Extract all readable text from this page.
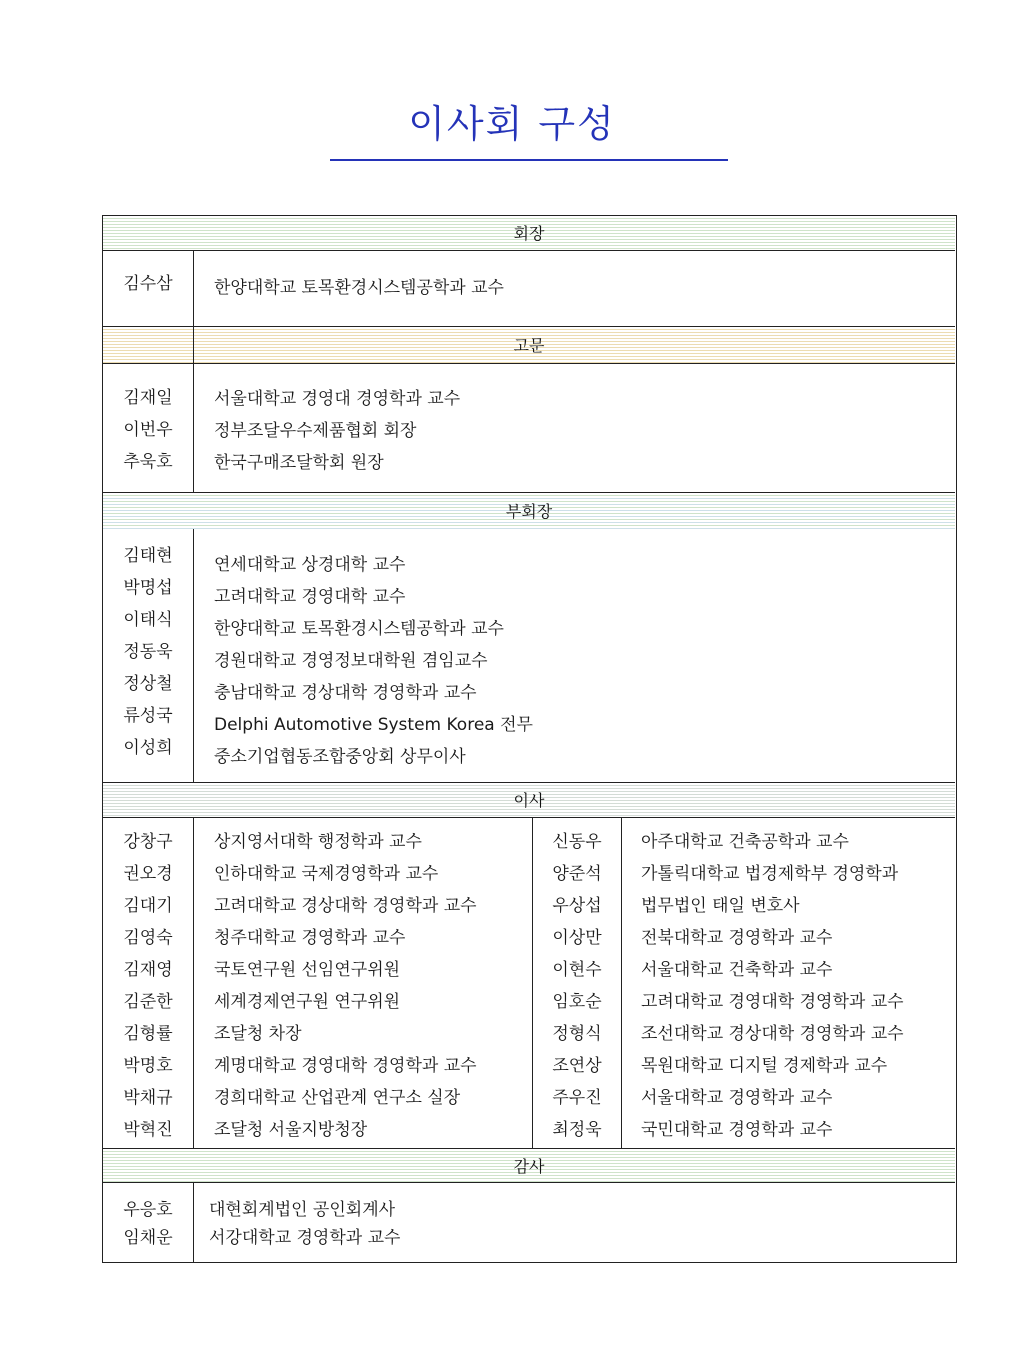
이사회 구성
회장
김수삼	한양대학교 토목환경시스템공학과 교수
고문
김재일
이번우
추욱호
서울대학교 경영대 경영학과 교수
정부조달우수제품협회 회장
한국구매조달학회 원장
부회장
김태현
박명섭
이태식
정동욱
정상철
류성국
이성희
연세대학교 상경대학 교수
고려대학교 경영대학 교수
한양대학교 토목환경시스템공학과 교수
경원대학교 경영정보대학원 겸임교수
충남대학교 경상대학 경영학과 교수
Delphi Automotive System Korea 전무
중소기업협동조합중앙회 상무이사
이사
강창구
권오경
김대기
김영숙
김재영
김준한
김형률
박명호
박채규
박혁진
상지영서대학 행정학과 교수
인하대학교 국제경영학과 교수
고려대학교 경상대학 경영학과 교수
청주대학교 경영학과 교수
국토연구원 선임연구위원
세계경제연구원 연구위원
조달청 차장
계명대학교 경영대학 경영학과 교수
경희대학교 산업관계 연구소 실장
조달청 서울지방청장
신동우
양준석
우상섭
이상만
이현수
임호순
정형식
조연상
주우진
최정욱
아주대학교 건축공학과 교수
가톨릭대학교 법경제학부 경영학과
법무법인 태일 변호사
전북대학교 경영학과 교수
서울대학교 건축학과 교수
고려대학교 경영대학 경영학과 교수
조선대학교 경상대학 경영학과 교수
목원대학교 디지털 경제학과 교수
서울대학교 경영학과 교수
국민대학교 경영학과 교수
감사
우응호
임채운
대현회계법인 공인회계사
서강대학교 경영학과 교수
